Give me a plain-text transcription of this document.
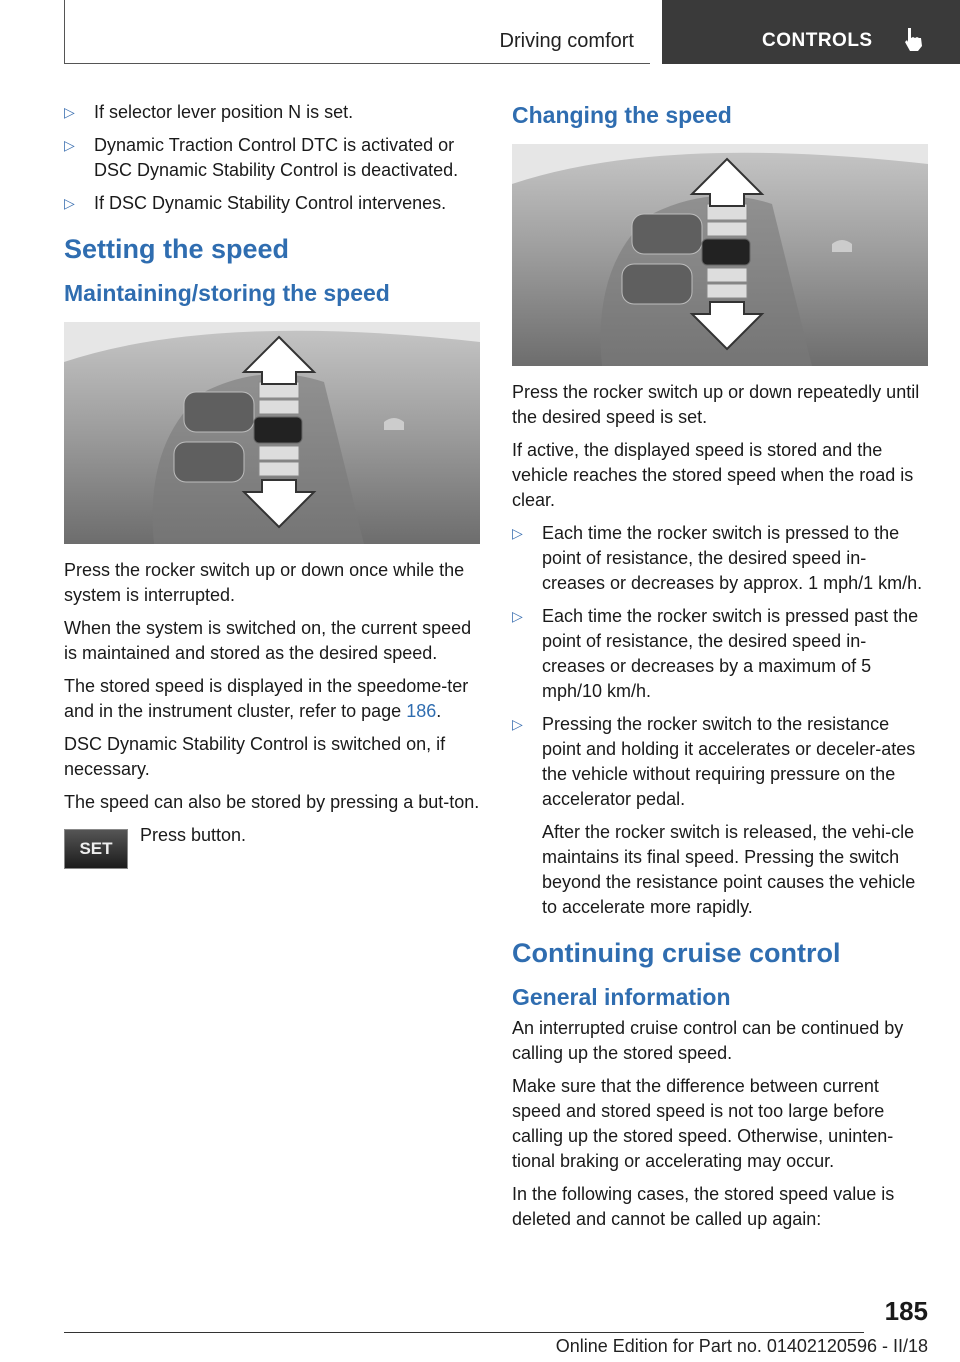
Driving comfort	CONTROLS
▷ If selector lever position N is set.
▷ Dynamic Traction Control DTC is activated or DSC Dynamic Stability Control is deactivated.
▷ If DSC Dynamic Stability Control intervenes.
Setting the speed
Maintaining/storing the speed

Press the rocker switch up or down once while the system is interrupted.

When the system is switched on, the current speed is maintained and stored as the desired speed.

The stored speed is displayed in the speedome-ter and in the instrument cluster, refer to page 186.

DSC Dynamic Stability Control is switched on, if necessary.

The speed can also be stored by pressing a but-ton.

SET
Press button.
Changing the speed

Press the rocker switch up or down repeatedly until the desired speed is set.

If active, the displayed speed is stored and the vehicle reaches the stored speed when the road is clear.

▷ Each time the rocker switch is pressed to the point of resistance, the desired speed in-creases or decreases by approx. 1 mph/1 km/h.
▷ Each time the rocker switch is pressed past the point of resistance, the desired speed in-creases or decreases by a maximum of 5 mph/10 km/h.
▷ Pressing the rocker switch to the resistance point and holding it accelerates or deceler-ates the vehicle without requiring pressure on the accelerator pedal.
After the rocker switch is released, the vehi-cle maintains its final speed. Pressing the switch beyond the resistance point causes the vehicle to accelerate more rapidly.
Continuing cruise control
General information

An interrupted cruise control can be continued by calling up the stored speed.

Make sure that the difference between current speed and stored speed is not too large before calling up the stored speed. Otherwise, uninten-tional braking or accelerating may occur.

In the following cases, the stored speed value is deleted and cannot be called up again:

185
Online Edition for Part no. 01402120596 - II/18
